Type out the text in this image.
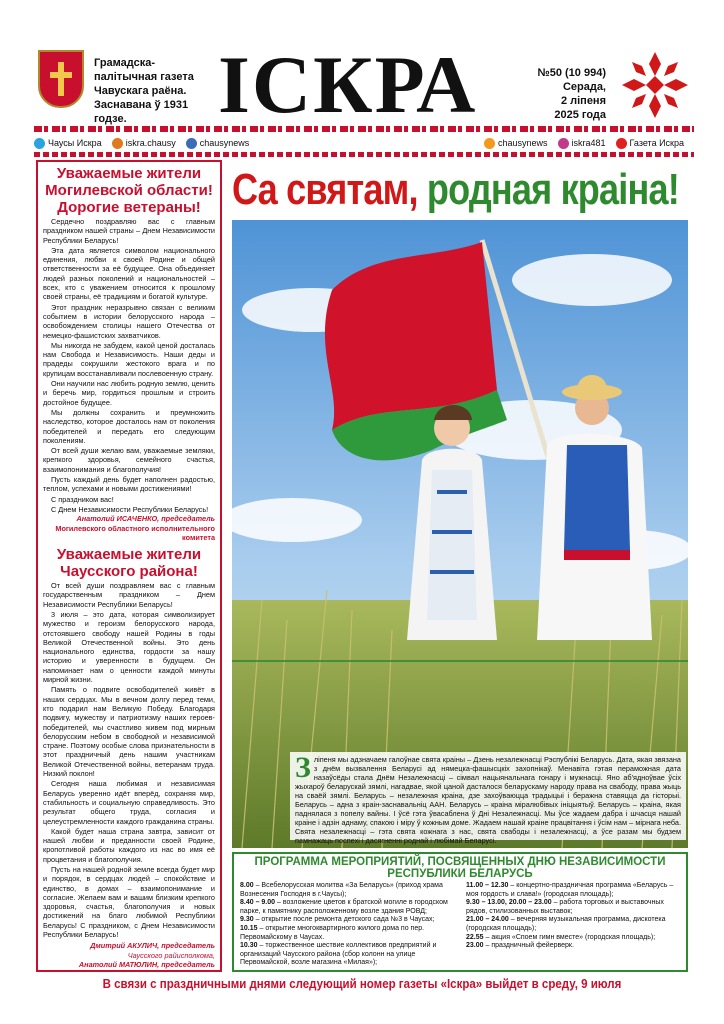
Грамадска-палітычная газета Чавускага раёна. Заснавана ў 1931 годзе.	ІСКРА	№50 (10 994)
Серада,
2 ліпеня
2025 года
Чаусы Искра	iskra.chausy	chausynews	chausynews	iskra481	Газета Искра
Уважаемые жители Могилевской области! Дорогие ветераны!

Сердечно поздравляю вас с главным праздником нашей страны – Днем Независимости Республики Беларусь!

Эта дата является символом национального единения, любви к своей Родине и общей ответственности за её будущее. Она объединяет людей разных поколений и национальностей – всех, кто с уважением относится к прошлому своей страны, её традициям и богатой культуре.

Этот праздник неразрывно связан с великим событием в истории белорусского народа – освобождением столицы нашего Отечества от немецко-фашистских захватчиков.

Мы никогда не забудем, какой ценой досталась нам Свобода и Независимость. Наши деды и прадеды сокрушили жестокого врага и по крупицам восстанавливали послевоенную страну.

Они научили нас любить родную землю, ценить и беречь мир, гордиться прошлым и строить достойное будущее.

Мы должны сохранить и преумножить наследство, которое досталось нам от поколения победителей и передать его следующим поколениям.

От всей души желаю вам, уважаемые земляки, крепкого здоровья, семейного счастья, взаимопонимания и благополучия!

Пусть каждый день будет наполнен радостью, теплом, успехами и новыми достижениями!

С праздником вас!

С Днем Независимости Республики Беларусь!

Анатолий ИСАЧЕНКО, председатель
Могилевского областного исполнительного комитета
Уважаемые жители Чаусского района!

От всей души поздравляем вас с главным государственным праздником – Днем Независимости Республики Беларусь!

3 июля – это дата, которая символизирует мужество и героизм белорусского народа, отстоявшего свободу нашей Родины в годы Великой Отечественной войны. Это день национального единства, гордости за нашу историю и уверенности в будущем. Он напоминает нам о ценности каждой минуты мирной жизни.

Память о подвиге освободителей живёт в наших сердцах. Мы в вечном долгу перед теми, кто подарил нам Великую Победу. Благодаря подвигу, мужеству и патриотизму наших героев-победителей, мы счастливо живем под мирным белорусским небом в свободной и независимой стране. Поэтому особые слова признательности в этот праздничный день нашим участникам Великой Отечественной войны, ветеранам труда. Низкий поклон!

Сегодня наша любимая и независимая Беларусь уверенно идёт вперёд, сохраняя мир, стабильность и социальную справедливость. Это результат общего труда, согласия и целеустремленности каждого гражданина страны.

Какой будет наша страна завтра, зависит от нашей любви и преданности своей Родине, кропотливой работы каждого из нас во имя её процветания и благополучия.

Пусть на нашей родной земле всегда будет мир и порядок, в сердцах людей – спокойствие и единство, в домах – взаимопонимание и согласие. Желаем вам и вашим близким крепкого здоровья, счастья, благополучия и новых достижений на благо любимой Республики Беларусь! С праздником, с Днем Независимости Республики Беларусь!

Дмитрий АКУЛИЧ, председатель
Чаусского райисполкома,
Анатолий МАТЮЛИН, председатель
Са святам, родная краіна!
З ліпеня мы адзначаем галоўнае свята краіны – Дзень незалежнасці Рэспублікі Беларусь. Дата, якая звязана з днём вызвалення Беларусі ад нямецка-фашысцкіх захопнікаў. Менавіта гэтая пераможная дата назаўсёды стала Днём Незалежнасці – сімвал нацыянальнага гонару і мужнасці. Яно аб'ядноўвае ўсіх жыхароў беларускай зямлі, нагадвае, якой цаной дасталося беларускаму народу права на свабоду, права жыць на сваёй зямлі. Беларусь – незалежная краіна, дзе захоўваюцца традыцыі і беражна ставяцца да гісторыі. Беларусь – адна з краін-заснавальніц ААН. Беларусь – краіна міралюбівых ініцыятыў. Беларусь – краіна, якая паднялася з попелу вайны. І ўсё гэта ўвасаблена ў Дні Незалежнасці. Мы ўсе жадаем дабра і шчасця нашай краіне і адзін аднаму, спакою і міру ў кожным доме. Жадаем нашай краіне працвітання і ўсім нам – мірнага неба. Свята незалежнасці – гэта свята кожнага з нас, свята свабоды і незалежнасці, а ўсе разам мы будзем памнажаць поспехі і дасягненні роднай і любімай Беларусі.
ПРОГРАММА МЕРОПРИЯТИЙ, ПОСВЯЩЕННЫХ ДНЮ НЕЗАВИСИМОСТИ РЕСПУБЛИКИ БЕЛАРУСЬ
8.00 – Всебелорусская молитва «За Беларусь» (приход храма Вознесения Господня в г.Чаусы);
8.40 – 9.00 – возложение цветов к братской могиле в городском парке, к памятнику расположенному возле здания РОВД;
9.30 – открытие после ремонта детского сада №3 в Чаусах;
10.15 – открытие многоквартирного жилого дома по пер. Первомайскому в Чаусах.
10.30 – торжественное шествие коллективов предприятий и организаций Чаусского района (сбор колонн на улице Первомайской, возле магазина «Милая»);
11.00 – 12.30 – концертно-праздничная программа «Беларусь – моя гордость и слава!» (городская площадь);
9.30 – 13.00, 20.00 – 23.00 – работа торговых и выставочных рядов, стилизованных выставок;
21.00 – 24.00 – вечерняя музыкальная программа, дискотека (городская площадь);
22.55 – акция «Споем гимн вместе» (городская площадь);
23.00 – праздничный фейерверк.
В связи с праздничными днями следующий номер газеты «Іскра» выйдет в среду, 9 июля
